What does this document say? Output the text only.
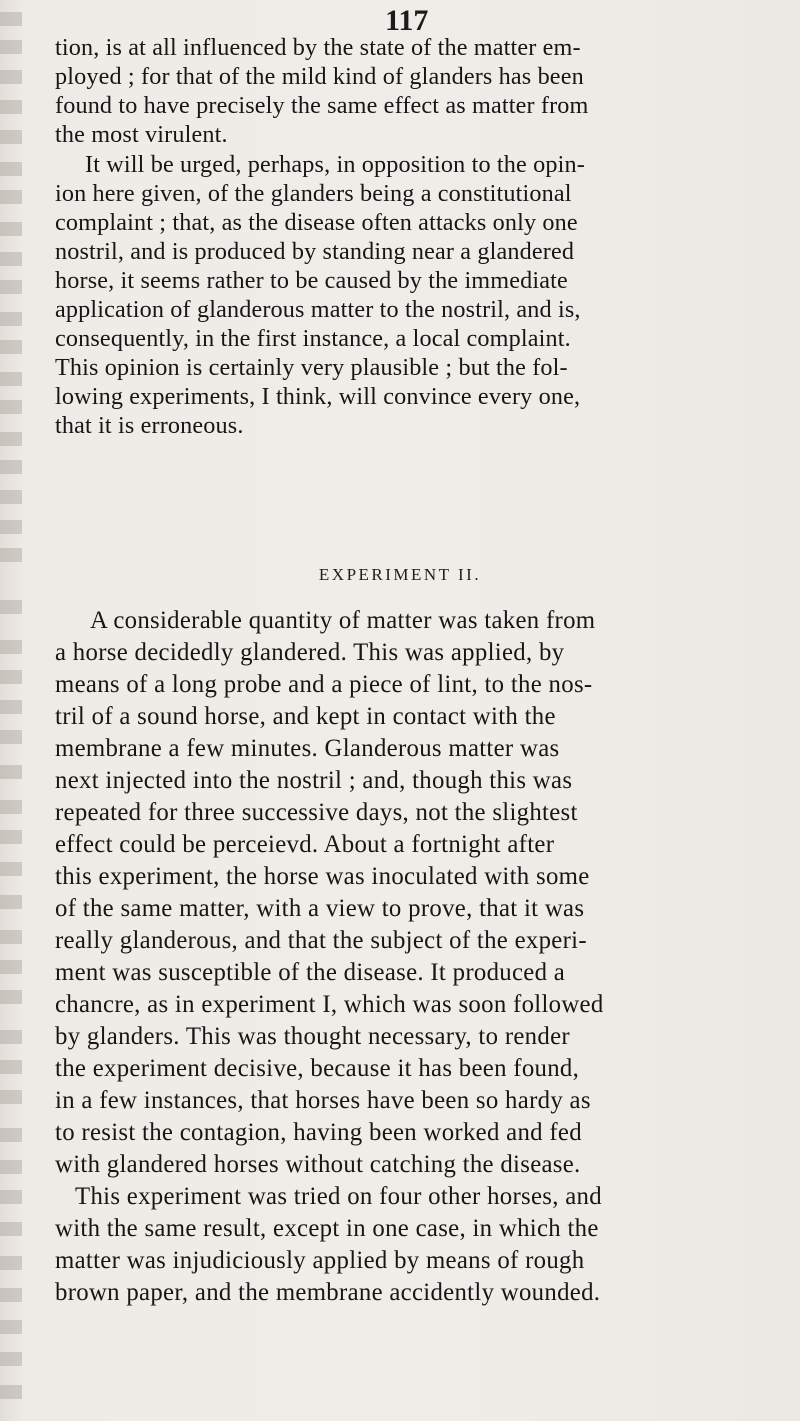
117
tion, is at all influenced by the state of the matter em-
ployed ; for that of the mild kind of glanders has been
found to have precisely the same effect as matter from
the most virulent.
It will be urged, perhaps, in opposition to the opin-
ion here given, of the glanders being a constitutional
complaint ; that, as the disease often attacks only one
nostril, and is produced by standing near a glandered
horse, it seems rather to be caused by the immediate
application of glanderous matter to the nostril, and is,
consequently, in the first instance, a local complaint.
This opinion is certainly very plausible ; but the fol-
lowing experiments, I think, will convince every one,
that it is erroneous.
EXPERIMENT II.
A considerable quantity of matter was taken from
a horse decidedly glandered. This was applied, by
means of a long probe and a piece of lint, to the nos-
tril of a sound horse, and kept in contact with the
membrane a few minutes. Glanderous matter was
next injected into the nostril ; and, though this was
repeated for three successive days, not the slightest
effect could be perceievd. About a fortnight after
this experiment, the horse was inoculated with some
of the same matter, with a view to prove, that it was
really glanderous, and that the subject of the experi-
ment was susceptible of the disease. It produced a
chancre, as in experiment I, which was soon followed
by glanders. This was thought necessary, to render
the experiment decisive, because it has been found,
in a few instances, that horses have been so hardy as
to resist the contagion, having been worked and fed
with glandered horses without catching the disease.
This experiment was tried on four other horses, and
with the same result, except in one case, in which the
matter was injudiciously applied by means of rough
brown paper, and the membrane accidently wounded.
